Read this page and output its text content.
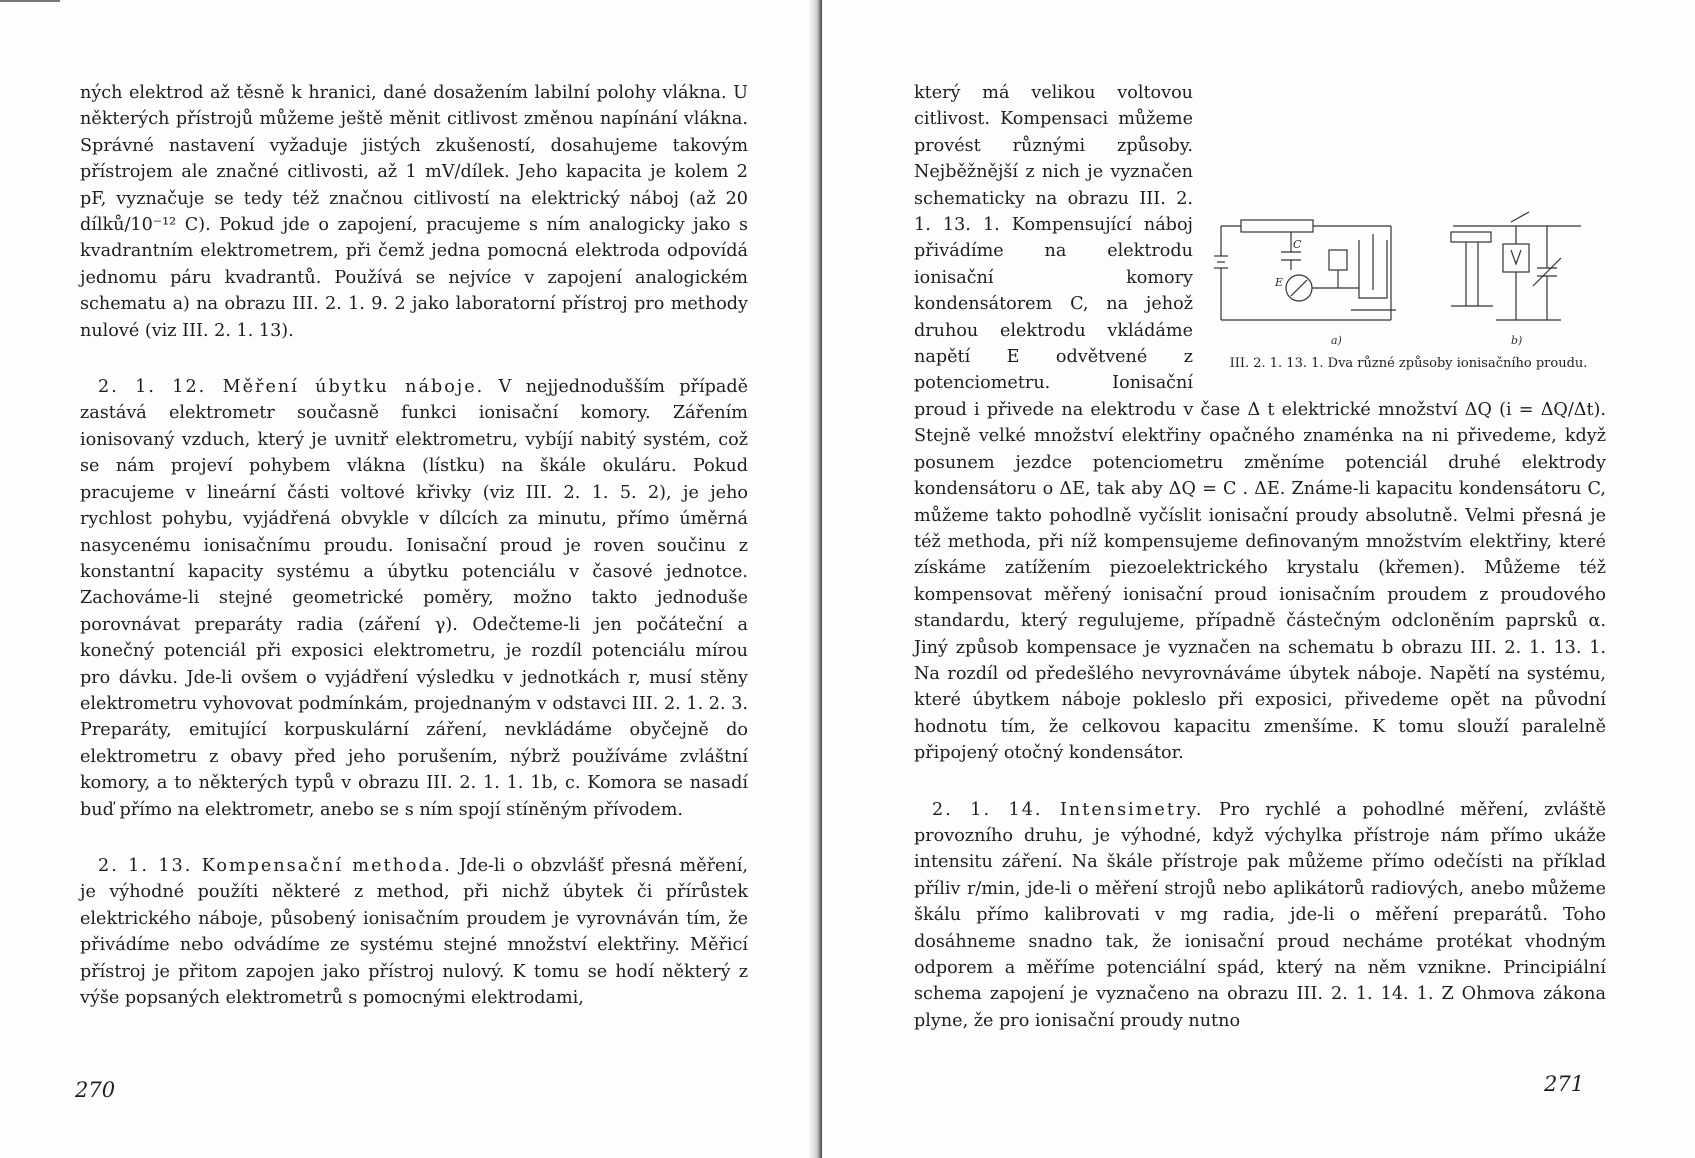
ných elektrod až těsně k hranici, dané dosažením labilní polohy vlákna. U některých přístrojů můžeme ještě měnit citlivost změnou napínání vlákna. Správné nastavení vyžaduje jistých zkušeností, dosahujeme takovým přístrojem ale značné citlivosti, až 1 mV/dílek. Jeho kapacita je kolem 2 pF, vyznačuje se tedy též značnou citlivostí na elektrický náboj (až 20 dílků/10⁻¹² C). Pokud jde o zapojení, pracujeme s ním analogicky jako s kvadrantním elektrometrem, při čemž jedna pomocná elektroda odpovídá jednomu páru kvadrantů. Používá se nejvíce v zapojení analogickém schematu a) na obrazu III. 2. 1. 9. 2 jako laboratorní přístroj pro methody nulové (viz III. 2. 1. 13).

2. 1. 12. Měření úbytku náboje. V nejjednodušším případě zastává elektrometr současně funkci ionisační komory. Zářením ionisovaný vzduch, který je uvnitř elektrometru, vybíjí nabitý systém, což se nám projeví pohybem vlákna (lístku) na škále okuláru. Pokud pracujeme v lineární části voltové křivky (viz III. 2. 1. 5. 2), je jeho rychlost pohybu, vyjádřená obvykle v dílcích za minutu, přímo úměrná nasycenému ionisačnímu proudu. Ionisační proud je roven součinu z konstantní kapacity systému a úbytku potenciálu v časové jednotce. Zachováme-li stejné geometrické poměry, možno takto jednoduše porovnávat preparáty radia (záření γ). Odečteme-li jen počáteční a konečný potenciál při exposici elektrometru, je rozdíl potenciálu mírou pro dávku. Jde-li ovšem o vyjádření výsledku v jednotkách r, musí stěny elektrometru vyhovovat podmínkám, projednaným v odstavci III. 2. 1. 2. 3. Preparáty, emitující korpuskulární záření, nevkládáme obyčejně do elektrometru z obavy před jeho porušením, nýbrž používáme zvláštní komory, a to některých typů v obrazu III. 2. 1. 1. 1b, c. Komora se nasadí buď přímo na elektrometr, anebo se s ním spojí stíněným přívodem.

2. 1. 13. Kompensační methoda. Jde-li o obzvlášť přesná měření, je výhodné použíti některé z method, při nichž úbytek či přírůstek elektrického náboje, působený ionisačním proudem je vyrovnáván tím, že přivádíme nebo odvádíme ze systému stejné množství elektřiny. Měřicí přístroj je přitom zapojen jako přístroj nulový. K tomu se hodí některý z výše popsaných elektrometrů s pomocnými elektrodami,

270
C
E
a)	b)
III. 2. 1. 13. 1. Dva různé způsoby ionisačního proudu.

který má velikou voltovou citlivost. Kompensaci můžeme provést různými způsoby. Nejběžnější z nich je vyznačen schematicky na obrazu III. 2. 1. 13. 1. Kompensující náboj přivádíme na elektrodu ionisační komory kondensátorem C, na jehož druhou elektrodu vkládáme napětí E odvětvené z potenciometru. Ionisační proud i přivede na elektrodu v čase Δ t elektrické množství ΔQ (i = ΔQ/Δt). Stejně velké množství elektřiny opačného znaménka na ni přivedeme, když posunem jezdce potenciometru změníme potenciál druhé elektrody kondensátoru o ΔE, tak aby ΔQ = C . ΔE. Známe-li kapacitu kondensátoru C, můžeme takto pohodlně vyčíslit ionisační proudy absolutně. Velmi přesná je též methoda, při níž kompensujeme definovaným množstvím elektřiny, které získáme zatížením piezoelektrického krystalu (křemen). Můžeme též kompensovat měřený ionisační proud ionisačním proudem z proudového standardu, který regulujeme, případně částečným odcloněním paprsků α. Jiný způsob kompensace je vyznačen na schematu b obrazu III. 2. 1. 13. 1. Na rozdíl od předešlého nevyrovnáváme úbytek náboje. Napětí na systému, které úbytkem náboje pokleslo při exposici, přivedeme opět na původní hodnotu tím, že celkovou kapacitu zmenšíme. K tomu slouží paralelně připojený otočný kondensátor.

2. 1. 14. Intensimetry. Pro rychlé a pohodlné měření, zvláště provozního druhu, je výhodné, když výchylka přístroje nám přímo ukáže intensitu záření. Na škále přístroje pak můžeme přímo odečísti na příklad příliv r/min, jde-li o měření strojů nebo aplikátorů radiových, anebo můžeme škálu přímo kalibrovati v mg radia, jde-li o měření preparátů. Toho dosáhneme snadno tak, že ionisační proud necháme protékat vhodným odporem a měříme potenciální spád, který na něm vznikne. Principiální schema zapojení je vyznačeno na obrazu III. 2. 1. 14. 1. Z Ohmova zákona plyne, že pro ionisační proudy nutno

271
